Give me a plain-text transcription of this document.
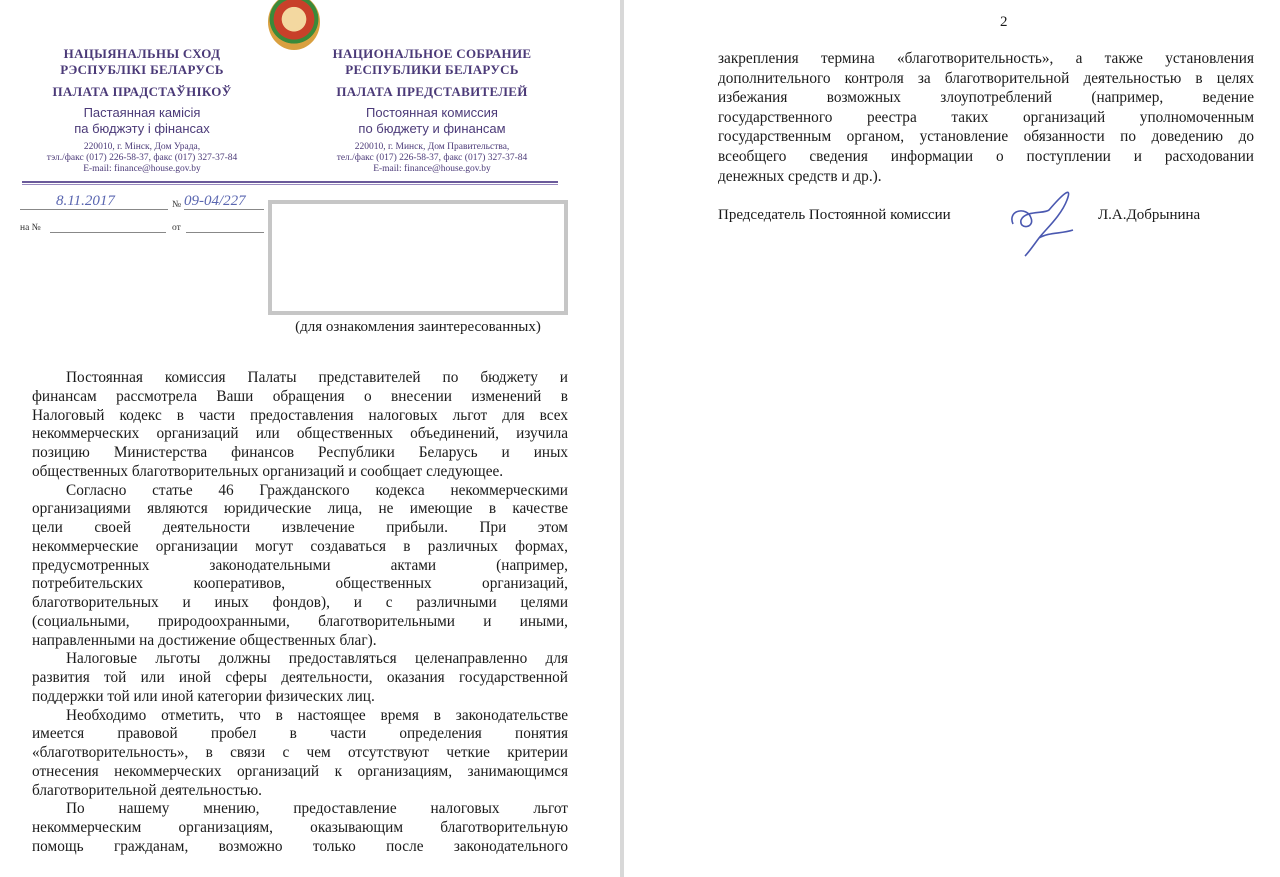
НАЦЫЯНАЛЬНЫ СХОД
РЭСПУБЛІКІ БЕЛАРУСЬ
ПАЛАТА ПРАДСТАЎНІКОЎ
Пастаянная камісія
па бюджэту і фінансах
220010, г. Мінск, Дом Урада,
тэл./факс (017) 226-58-37, факс (017) 327-37-84
E-mail: finance@house.gov.by
НАЦИОНАЛЬНОЕ СОБРАНИЕ
РЕСПУБЛИКИ БЕЛАРУСЬ
ПАЛАТА ПРЕДСТАВИТЕЛЕЙ
Постоянная комиссия
по бюджету и финансам
220010, г. Минск, Дом Правительства,
тел./факс (017) 226-58-37, факс (017) 327-37-84
E-mail: finance@house.gov.by
8.11.2017	№ 09-04/227
на №	от
(для ознакомления заинтересованных)
Постоянная комиссия Палаты представителей по бюджету и
финансам рассмотрела Ваши обращения о внесении изменений в
Налоговый кодекс в части предоставления налоговых льгот для всех
некоммерческих организаций или общественных объединений, изучила
позицию Министерства финансов Республики Беларусь и иных
общественных благотворительных организаций и сообщает следующее.
Согласно статье 46 Гражданского кодекса некоммерческими
организациями являются юридические лица, не имеющие в качестве
цели своей деятельности извлечение прибыли. При этом
некоммерческие организации могут создаваться в различных формах,
предусмотренных законодательными актами (например,
потребительских кооперативов, общественных организаций,
благотворительных и иных фондов), и с различными целями
(социальными, природоохранными, благотворительными и иными,
направленными на достижение общественных благ).
Налоговые льготы должны предоставляться целенаправленно для
развития той или иной сферы деятельности, оказания государственной
поддержки той или иной категории физических лиц.
Необходимо отметить, что в настоящее время в законодательстве
имеется правовой пробел в части определения понятия
«благотворительность», в связи с чем отсутствуют четкие критерии
отнесения некоммерческих организаций к организациям, занимающимся
благотворительной деятельностью.
По нашему мнению, предоставление налоговых льгот
некоммерческим организациям, оказывающим благотворительную
помощь гражданам, возможно только после законодательного
2
закрепления термина «благотворительность», а также установления
дополнительного контроля за благотворительной деятельностью в целях
избежания возможных злоупотреблений (например, ведение
государственного реестра таких организаций уполномоченным
государственным органом, установление обязанности по доведению до
всеобщего сведения информации о поступлении и расходовании
денежных средств и др.).
Председатель Постоянной комиссии	Л.А.Добрынина
